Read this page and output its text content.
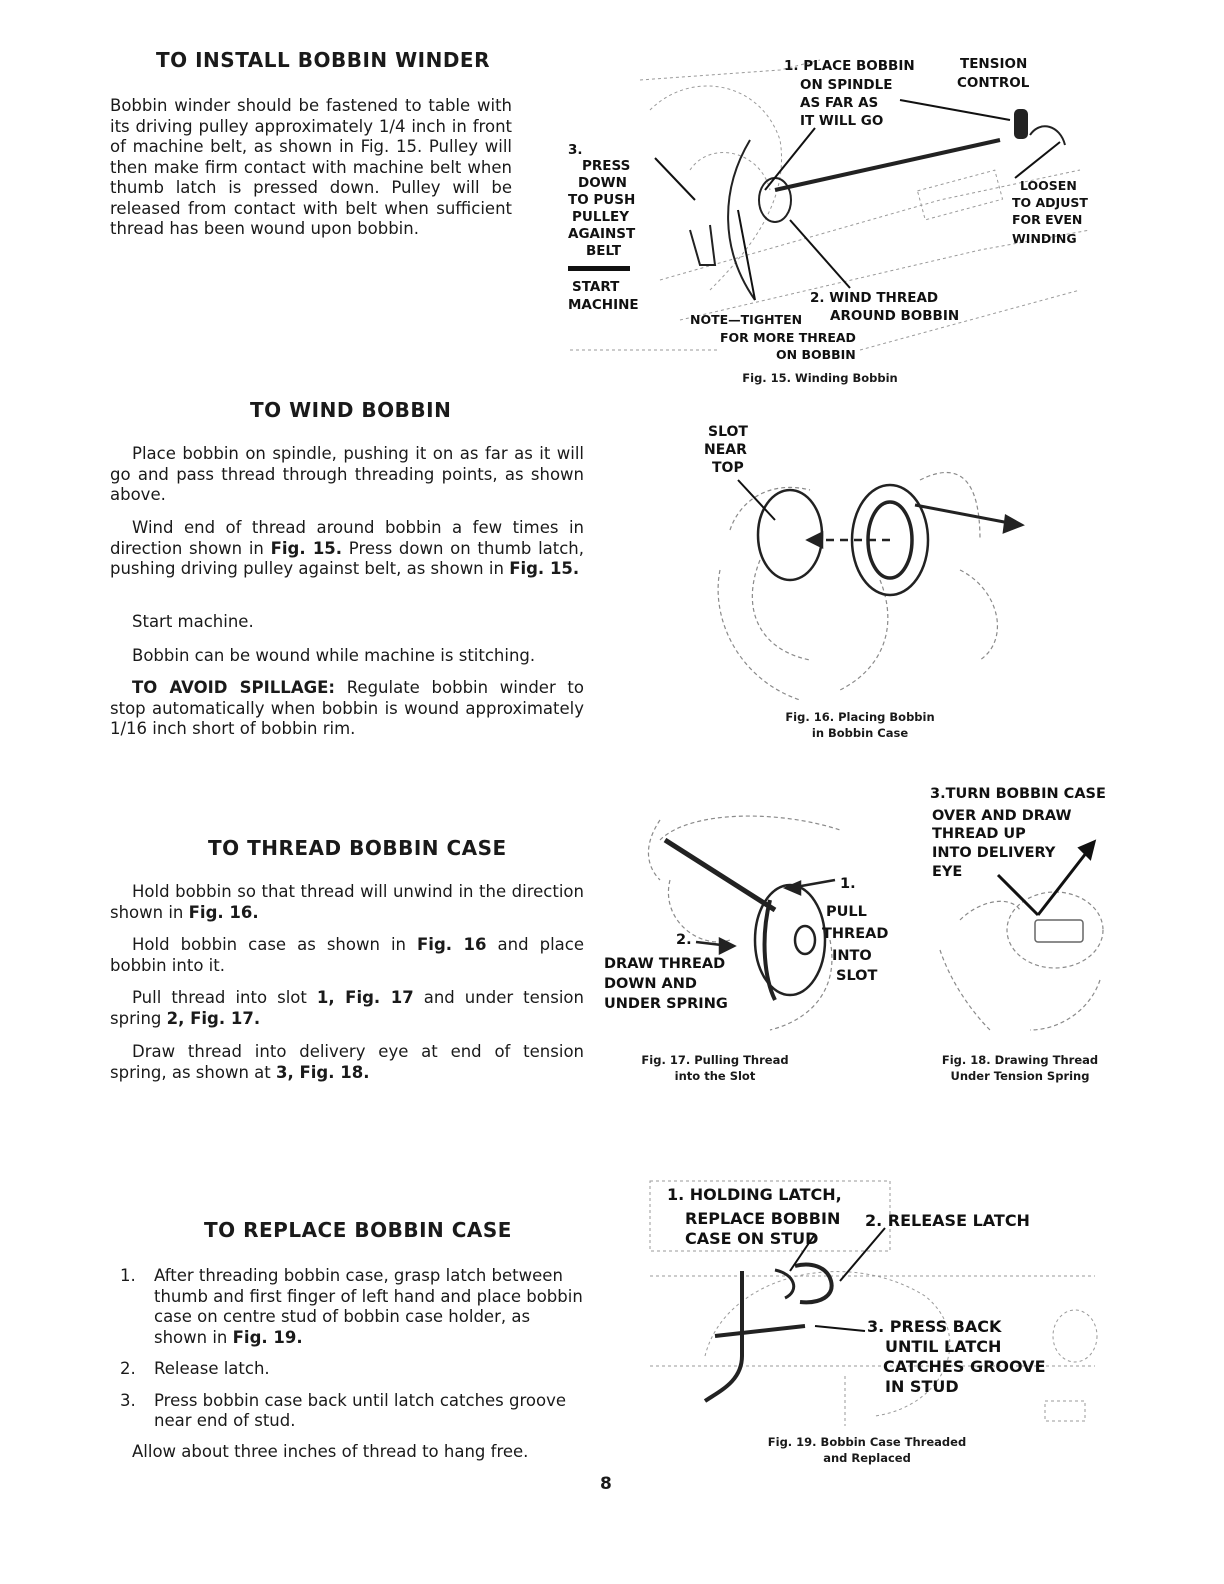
TO INSTALL BOBBIN WINDER

Bobbin winder should be fastened to table with its driving pulley approximately 1/4 inch in front of machine belt, as shown in Fig. 15. Pulley will then make firm contact with machine belt when thumb latch is pressed down. Pulley will be released from contact with belt when sufficient thread has been wound upon bobbin.

TO WIND BOBBIN

Place bobbin on spindle, pushing it on as far as it will go and pass thread through threading points, as shown above.

Wind end of thread around bobbin a few times in direction shown in Fig. 15. Press down on thumb latch, pushing driving pulley against belt, as shown in Fig. 15.

Start machine.

Bobbin can be wound while machine is stitching.

TO AVOID SPILLAGE: Regulate bobbin winder to stop automatically when bobbin is wound approximately 1/16 inch short of bobbin rim.

TO THREAD BOBBIN CASE

Hold bobbin so that thread will unwind in the direction shown in Fig. 16.

Hold bobbin case as shown in Fig. 16 and place bobbin into it.

Pull thread into slot 1, Fig. 17 and under tension spring 2, Fig. 17.

Draw thread into delivery eye at end of tension spring, as shown at 3, Fig. 18.

TO REPLACE BOBBIN CASE
1. After threading bobbin case, grasp latch between thumb and first finger of left hand and place bobbin case on centre stud of bobbin case holder, as shown in Fig. 19.
2. Release latch.
3. Press bobbin case back until latch catches groove near end of stud.

Allow about three inches of thread to hang free.

8
1. PLACE BOBBIN
ON SPINDLE
AS FAR AS
IT WILL GO
TENSION
CONTROL
3.
PRESS
DOWN
TO PUSH
PULLEY
AGAINST
BELT
START
MACHINE
LOOSEN
TO ADJUST
FOR EVEN
WINDING
2. WIND THREAD
AROUND BOBBIN
NOTE—TIGHTEN
FOR MORE THREAD
ON BOBBIN

Fig. 15. Winding Bobbin

SLOT
NEAR
TOP

Fig. 16. Placing Bobbin
in Bobbin Case

1.
PULL
THREAD
INTO
SLOT
2.
DRAW THREAD
DOWN AND
UNDER SPRING

Fig. 17. Pulling Thread
into the Slot

3.TURN BOBBIN CASE
OVER AND DRAW
THREAD UP
INTO DELIVERY
EYE

Fig. 18. Drawing Thread
Under Tension Spring

1. HOLDING LATCH,
REPLACE BOBBIN
CASE ON STUD
2. RELEASE LATCH
3. PRESS BACK
UNTIL LATCH
CATCHES GROOVE
IN STUD

Fig. 19. Bobbin Case Threaded
and Replaced
